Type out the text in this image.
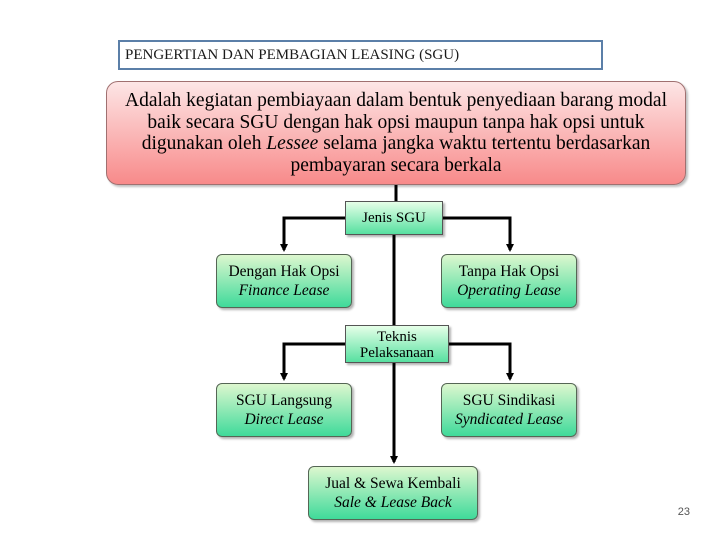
PENGERTIAN DAN PEMBAGIAN LEASING (SGU)
Adalah kegiatan pembiayaan dalam bentuk penyediaan barang modal baik secara SGU dengan hak opsi maupun tanpa hak opsi untuk digunakan oleh Lessee selama jangka waktu tertentu berdasarkan pembayaran secara berkala
Jenis SGU
Teknis
Pelaksanaan
Dengan Hak Opsi
Finance Lease
Tanpa Hak Opsi
Operating Lease
SGU Langsung
Direct Lease
SGU Sindikasi
Syndicated Lease
Jual & Sewa Kembali
Sale & Lease Back
23
